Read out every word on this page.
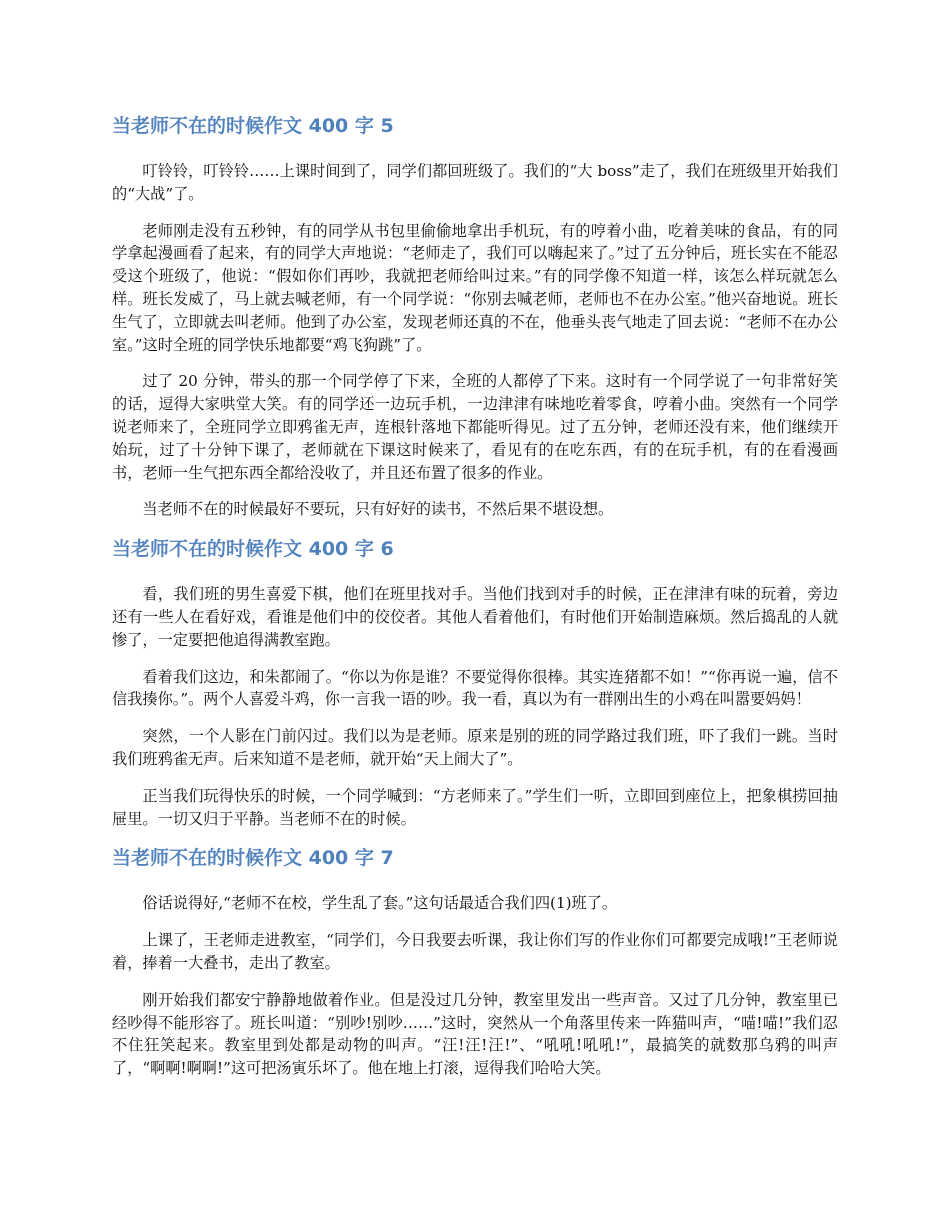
当老师不在的时候作文 400 字 5

叮铃铃，叮铃铃……上课时间到了，同学们都回班级了。我们的“大 boss”走了，我们在班级里开始我们的“大战”了。

老师刚走没有五秒钟，有的同学从书包里偷偷地拿出手机玩，有的哼着小曲，吃着美味的食品，有的同学拿起漫画看了起来，有的同学大声地说：“老师走了，我们可以嗨起来了。”过了五分钟后，班长实在不能忍受这个班级了，他说：“假如你们再吵，我就把老师给叫过来。”有的同学像不知道一样，该怎么样玩就怎么样。班长发威了，马上就去喊老师，有一个同学说：“你别去喊老师，老师也不在办公室。”他兴奋地说。班长生气了，立即就去叫老师。他到了办公室，发现老师还真的不在，他垂头丧气地走了回去说：“老师不在办公室。”这时全班的同学快乐地都要“鸡飞狗跳”了。

过了 20 分钟，带头的那一个同学停了下来，全班的人都停了下来。这时有一个同学说了一句非常好笑的话，逗得大家哄堂大笑。有的同学还一边玩手机，一边津津有味地吃着零食，哼着小曲。突然有一个同学说老师来了，全班同学立即鸦雀无声，连根针落地下都能听得见。过了五分钟，老师还没有来，他们继续开始玩，过了十分钟下课了，老师就在下课这时候来了，看见有的在吃东西，有的在玩手机，有的在看漫画书，老师一生气把东西全都给没收了，并且还布置了很多的作业。

当老师不在的时候最好不要玩，只有好好的读书，不然后果不堪设想。

当老师不在的时候作文 400 字 6

看，我们班的男生喜爱下棋，他们在班里找对手。当他们找到对手的时候，正在津津有味的玩着，旁边还有一些人在看好戏，看谁是他们中的佼佼者。其他人看着他们，有时他们开始制造麻烦。然后捣乱的人就惨了，一定要把他追得满教室跑。

看着我们这边，和朱都闹了。“你以为你是谁？不要觉得你很棒。其实连猪都不如！”“你再说一遍，信不信我揍你。”。两个人喜爱斗鸡，你一言我一语的吵。我一看，真以为有一群刚出生的小鸡在叫嚣要妈妈！

突然，一个人影在门前闪过。我们以为是老师。原来是别的班的同学路过我们班，吓了我们一跳。当时我们班鸦雀无声。后来知道不是老师，就开始“天上闹大了”。

正当我们玩得快乐的时候，一个同学喊到：“方老师来了。”学生们一听，立即回到座位上，把象棋捞回抽屉里。一切又归于平静。当老师不在的时候。

当老师不在的时候作文 400 字 7

俗话说得好,“老师不在校，学生乱了套。”这句话最适合我们四(1)班了。

上课了，王老师走进教室，“同学们，今日我要去听课，我让你们写的作业你们可都要完成哦!”王老师说着，捧着一大叠书，走出了教室。

刚开始我们都安宁静静地做着作业。但是没过几分钟，教室里发出一些声音。又过了几分钟，教室里已经吵得不能形容了。班长叫道：“别吵!别吵……”这时，突然从一个角落里传来一阵猫叫声，“喵!喵!”我们忍不住狂笑起来。教室里到处都是动物的叫声。“汪!汪!汪!”、“吼吼!吼吼!”，最搞笑的就数那乌鸦的叫声了，“啊啊!啊啊!”这可把汤寅乐坏了。他在地上打滚，逗得我们哈哈大笑。
